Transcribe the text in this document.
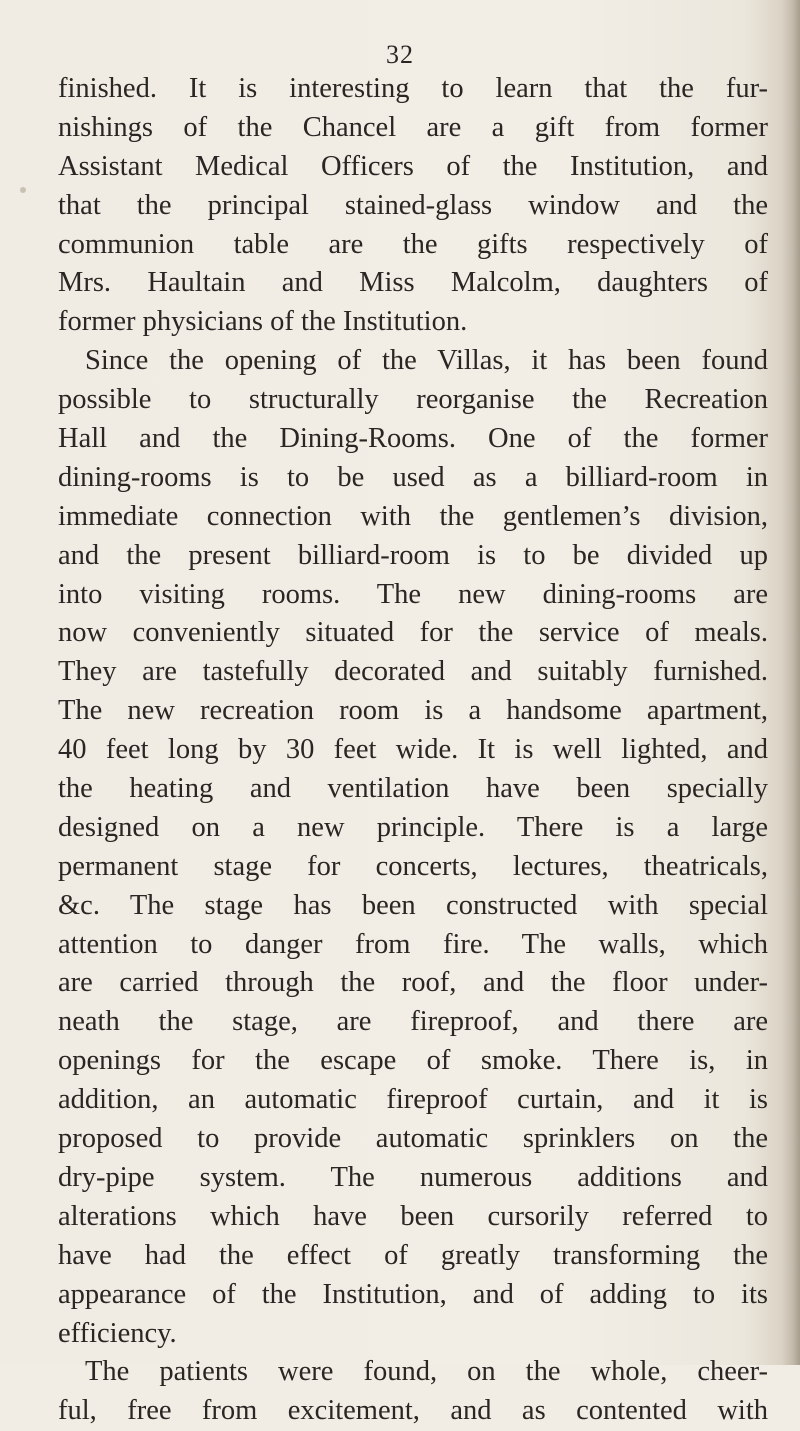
32
finished. It is interesting to learn that the fur-
nishings of the Chancel are a gift from former
Assistant Medical Officers of the Institution, and
that the principal stained-glass window and the
communion table are the gifts respectively of
Mrs. Haultain and Miss Malcolm, daughters of
former physicians of the Institution.
Since the opening of the Villas, it has been found
possible to structurally reorganise the Recreation
Hall and the Dining-Rooms. One of the former
dining-rooms is to be used as a billiard-room in
immediate connection with the gentlemen’s division,
and the present billiard-room is to be divided up
into visiting rooms. The new dining-rooms are
now conveniently situated for the service of meals.
They are tastefully decorated and suitably furnished.
The new recreation room is a handsome apartment,
40 feet long by 30 feet wide. It is well lighted, and
the heating and ventilation have been specially
designed on a new principle. There is a large
permanent stage for concerts, lectures, theatricals,
&c. The stage has been constructed with special
attention to danger from fire. The walls, which
are carried through the roof, and the floor under-
neath the stage, are fireproof, and there are
openings for the escape of smoke. There is, in
addition, an automatic fireproof curtain, and it is
proposed to provide automatic sprinklers on the
dry-pipe system. The numerous additions and
alterations which have been cursorily referred to
have had the effect of greatly transforming the
appearance of the Institution, and of adding to its
efficiency.
The patients were found, on the whole, cheer-
ful, free from excitement, and as contented with
